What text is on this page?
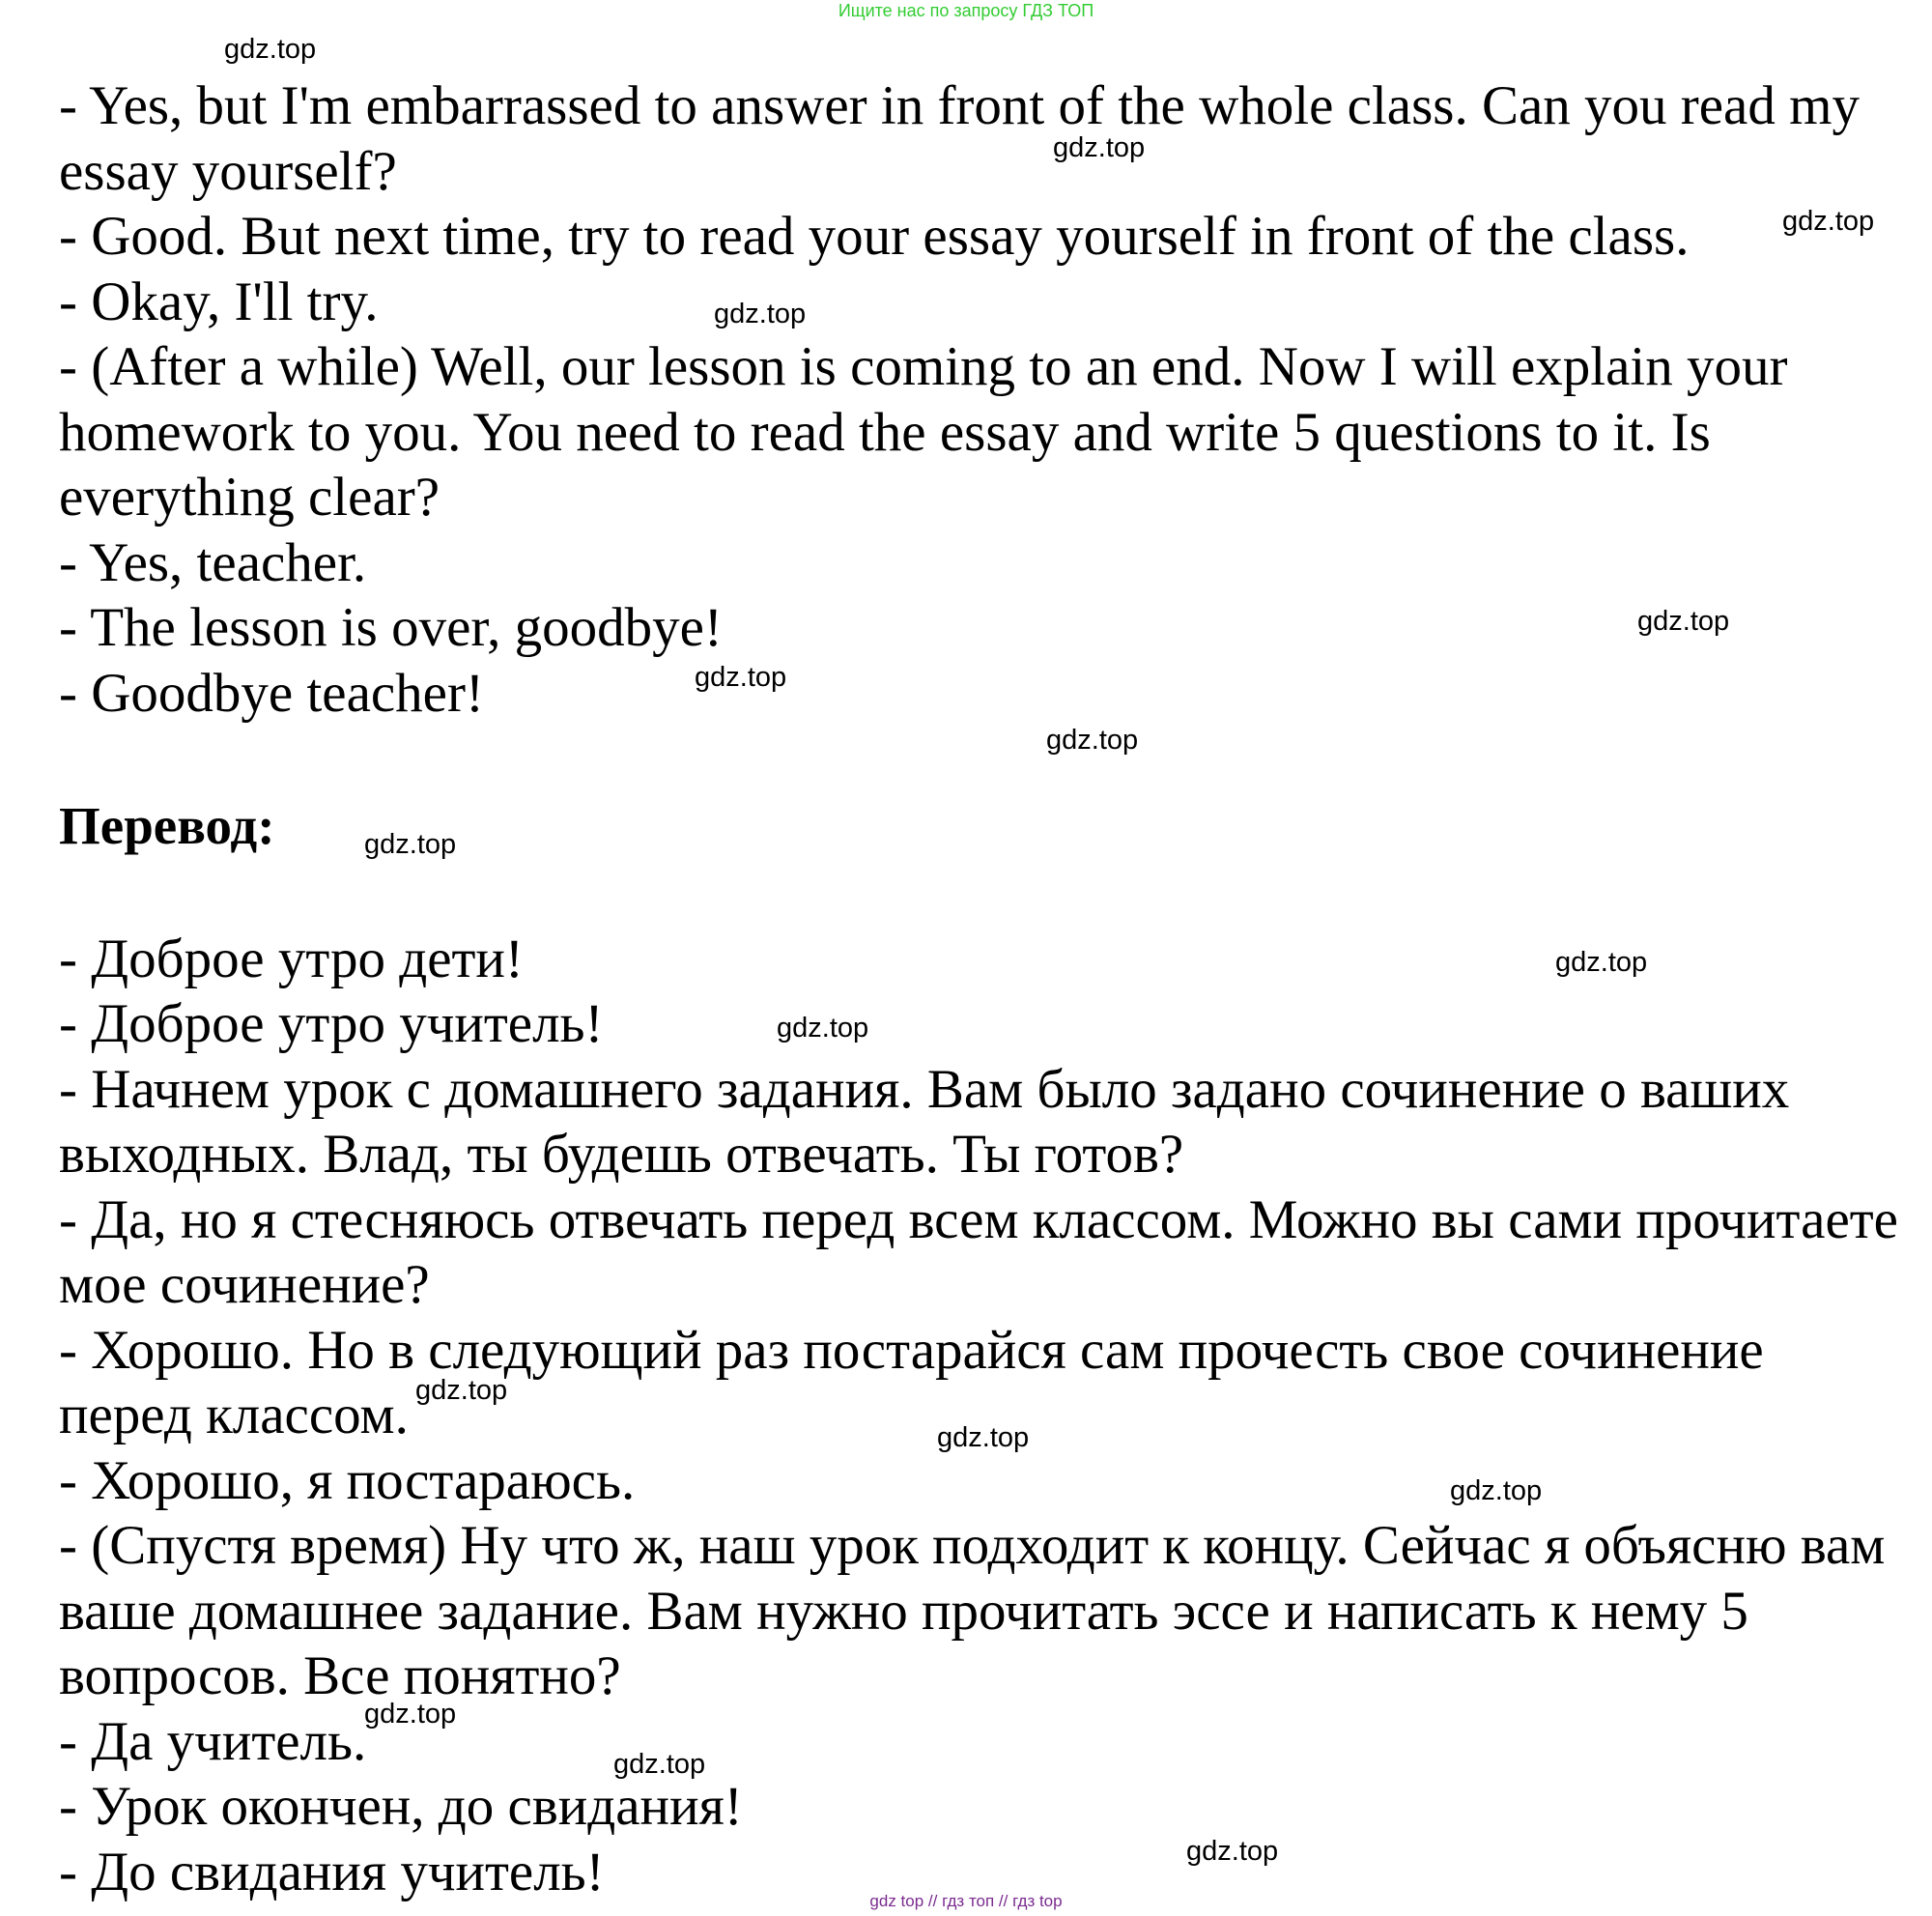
Ищите нас по запросу ГДЗ ТОП

- Yes, but I'm embarrassed to answer in front of the whole class. Can you read my essay yourself?

- Good. But next time, try to read your essay yourself in front of the class.

- Okay, I'll try.

- (After a while) Well, our lesson is coming to an end. Now I will explain your homework to you. You need to read the essay and write 5 questions to it. Is everything clear?

- Yes, teacher.

- The lesson is over, goodbye!

- Goodbye teacher!

Перевод:

- Доброе утро дети!

- Доброе утро учитель!

- Начнем урок с домашнего задания. Вам было задано сочинение о ваших выходных. Влад, ты будешь отвечать. Ты готов?

- Да, но я стесняюсь отвечать перед всем классом. Можно вы сами прочитаете мое сочинение?

- Хорошо. Но в следующий раз постарайся сам прочесть свое сочинение перед классом.

- Хорошо, я постараюсь.

- (Спустя время) Ну что ж, наш урок подходит к концу. Сейчас я объясню вам ваше домашнее задание. Вам нужно прочитать эссе и написать к нему 5 вопросов. Все понятно?

- Да учитель.

- Урок окончен, до свидания!

- До свидания учитель!

gdz.top
gdz.top
gdz.top
gdz.top
gdz.top
gdz.top
gdz.top
gdz.top
gdz.top
gdz.top
gdz.top
gdz.top
gdz.top
gdz.top
gdz.top
gdz.top
gdz top // гдз топ // гдз top
